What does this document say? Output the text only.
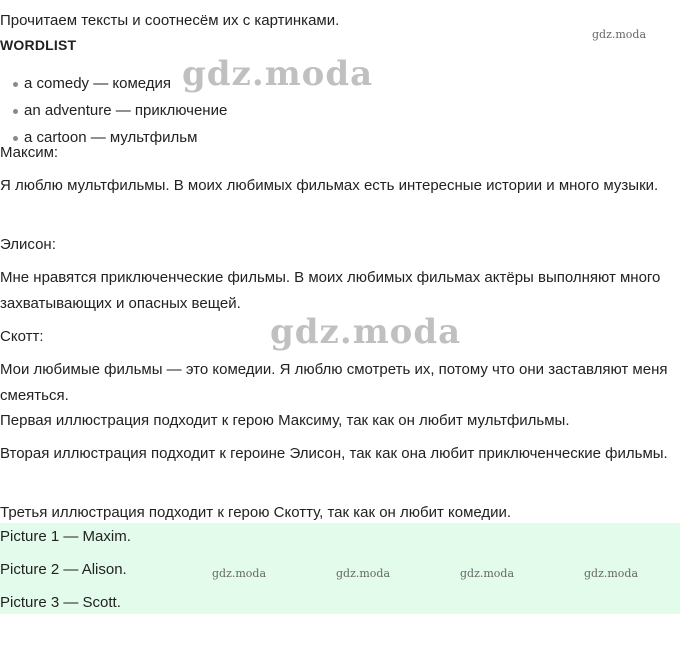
Прочитаем тексты и соотнесём их с картинками.
gdz.moda
WORDLIST
a comedy — комедия
an adventure — приключение
a cartoon — мультфильм
gdz.moda
Максим:
Я люблю мультфильмы. В моих любимых фильмах есть интересные истории и много музыки.
Элисон:
Мне нравятся приключенческие фильмы. В моих любимых фильмах актёры выполняют много захватывающих и опасных вещей.
Скотт:	gdz.moda
Мои любимые фильмы — это комедии. Я люблю смотреть их, потому что они заставляют меня смеяться.
Первая иллюстрация подходит к герою Максиму, так как он любит мультфильмы.
Вторая иллюстрация подходит к героине Элисон, так как она любит приключенческие фильмы.
Третья иллюстрация подходит к герою Скотту, так как он любит комедии.
Picture 1 — Maxim.
Picture 2 — Alison.
Picture 3 — Scott.
gdz.moda	gdz.moda	gdz.moda	gdz.moda
